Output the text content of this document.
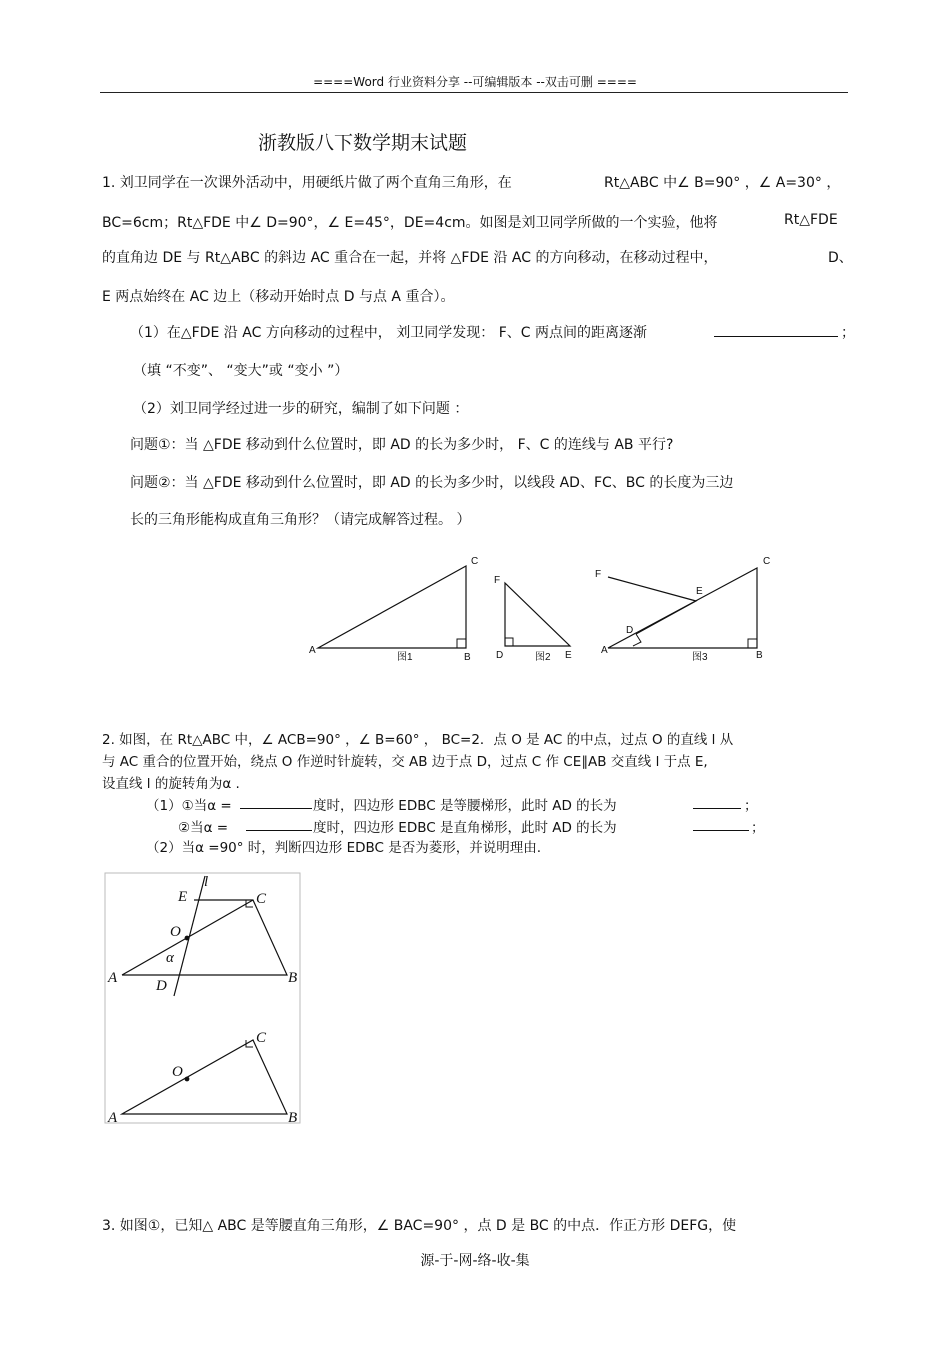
====Word 行业资料分享 --可编辑版本 --双击可删 ====
浙教版八下数学期末试题
1. 刘卫同学在一次课外活动中，用硬纸片做了两个直角三角形，在	Rt△ABC 中∠ B=90° ，∠ A=30° ，
BC=6cm；Rt△FDE 中∠ D=90°，∠ E=45°，DE=4cm。如图是刘卫同学所做的一个实验，他将	Rt△FDE
的直角边 DE 与 Rt△ABC 的斜边 AC 重合在一起，并将 △FDE 沿 AC 的方向移动，在移动过程中，	D、
E 两点始终在 AC 边上（移动开始时点 D 与点 A 重合）。
（1）在△FDE 沿 AC 方向移动的过程中， 刘卫同学发现： F、C 两点间的距离逐渐	；
（填 “不变”、 “变大”或 “变小 ”）
（2）刘卫同学经过进一步的研究，编制了如下问题 ：
问题①：当 △FDE 移动到什么位置时，即 AD 的长为多少时， F、C 的连线与 AB 平行?
问题②：当 △FDE 移动到什么位置时，即 AD 的长为多少时，以线段 AD、FC、BC 的长度为三边
长的三角形能构成直角三角形？（请完成解答过程。 ）
A
B
C
图1
F
D	E
图2
A	B
C
F
E
D
图3
2. 如图，在 Rt△ABC 中，∠ ACB=90° ，∠ B=60° ， BC=2．点 O 是 AC 的中点，过点 O 的直线 l 从
与 AC 重合的位置开始，绕点 O 作逆时针旋转，交 AB 边于点 D，过点 C 作 CE∥AB 交直线 l 于点 E,
设直线 l 的旋转角为α .
（1）①当α =	度时，四边形 EDBC 是等腰梯形，此时 AD 的长为	；
②当α =	度时，四边形 EDBC 是直角梯形，此时 AD 的长为	；
（2）当α =90° 时，判断四边形 EDBC 是否为菱形，并说明理由.
A	B
C
D
E
O
l
α
A	B
C
O
3. 如图①，已知△ ABC 是等腰直角三角形，∠ BAC=90° ，点 D 是 BC 的中点．作正方形 DEFG，使
源-于-网-络-收-集
